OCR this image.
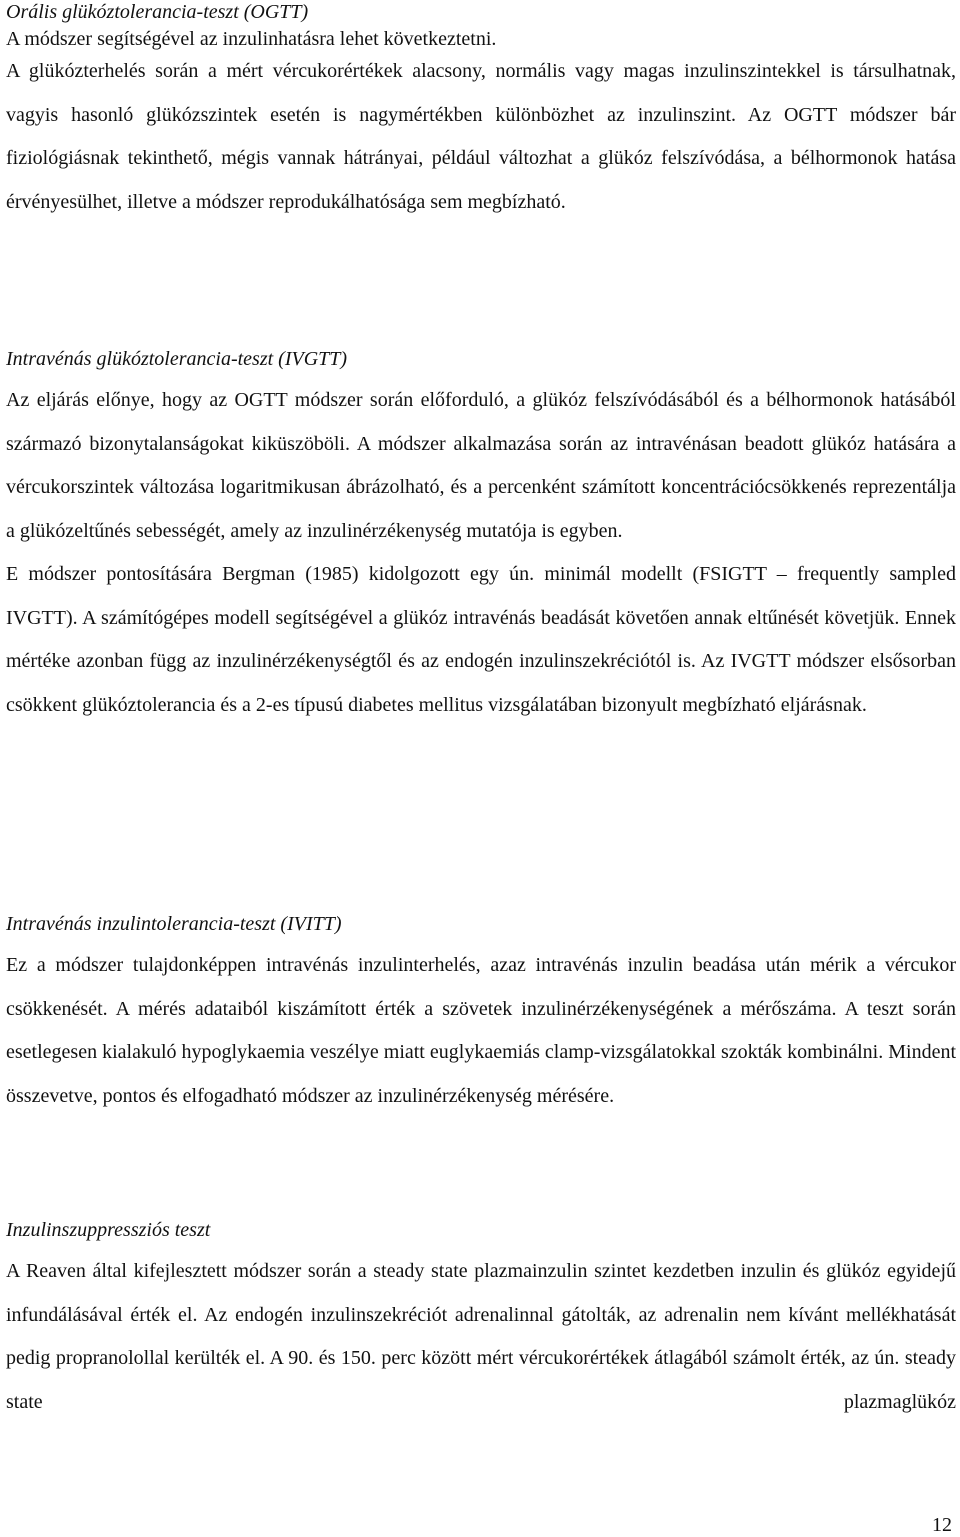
Orális glükóztolerancia-teszt (OGTT)
A módszer segítségével az inzulinhatásra lehet következtetni.

A glükózterhelés során a mért vércukorértékek alacsony, normális vagy magas inzulinszintekkel is társulhatnak, vagyis hasonló glükózszintek esetén is nagymértékben különbözhet az inzulinszint. Az OGTT módszer bár fiziológiásnak tekinthető, mégis vannak hátrányai, például változhat a glükóz felszívódása, a bélhormonok hatása érvényesülhet, illetve a módszer reprodukálhatósága sem megbízható.

Intravénás glükóztolerancia-teszt (IVGTT)

Az eljárás előnye, hogy az OGTT módszer során előforduló, a glükóz felszívódásából és a bélhormonok hatásából származó bizonytalanságokat kiküszöböli. A módszer alkalmazása során az intravénásan beadott glükóz hatására a vércukorszintek változása logaritmikusan ábrázolható, és a percenként számított koncentrációcsökkenés reprezentálja a glükózeltűnés sebességét, amely az inzulinérzékenység mutatója is egyben.

E módszer pontosítására Bergman (1985) kidolgozott egy ún. minimál modellt (FSIGTT – frequently sampled IVGTT). A számítógépes modell segítségével a glükóz intravénás beadását követően annak eltűnését követjük. Ennek mértéke azonban függ az inzulinérzékenységtől és az endogén inzulinszekréciótól is. Az IVGTT módszer elsősorban csökkent glükóztolerancia és a 2-es típusú diabetes mellitus vizsgálatában bizonyult megbízható eljárásnak.

Intravénás inzulintolerancia-teszt (IVITT)

Ez a módszer tulajdonképpen intravénás inzulinterhelés, azaz intravénás inzulin beadása után mérik a vércukor csökkenését. A mérés adataiból kiszámított érték a szövetek inzulinérzékenységének a mérőszáma. A teszt során esetlegesen kialakuló hypoglykaemia veszélye miatt euglykaemiás clamp-vizsgálatokkal szokták kombinálni. Mindent összevetve, pontos és elfogadható módszer az inzulinérzékenység mérésére.

Inzulinszuppressziós teszt

A Reaven által kifejlesztett módszer során a steady state plazmainzulin szintet kezdetben inzulin és glükóz egyidejű infundálásával érték el. Az endogén inzulinszekréciót adrenalinnal gátolták, az adrenalin nem kívánt mellékhatását pedig propranolollal kerülték el. A 90. és 150. perc között mért vércukorértékek átlagából számolt érték, az ún. steady state plazmaglükóz

12
